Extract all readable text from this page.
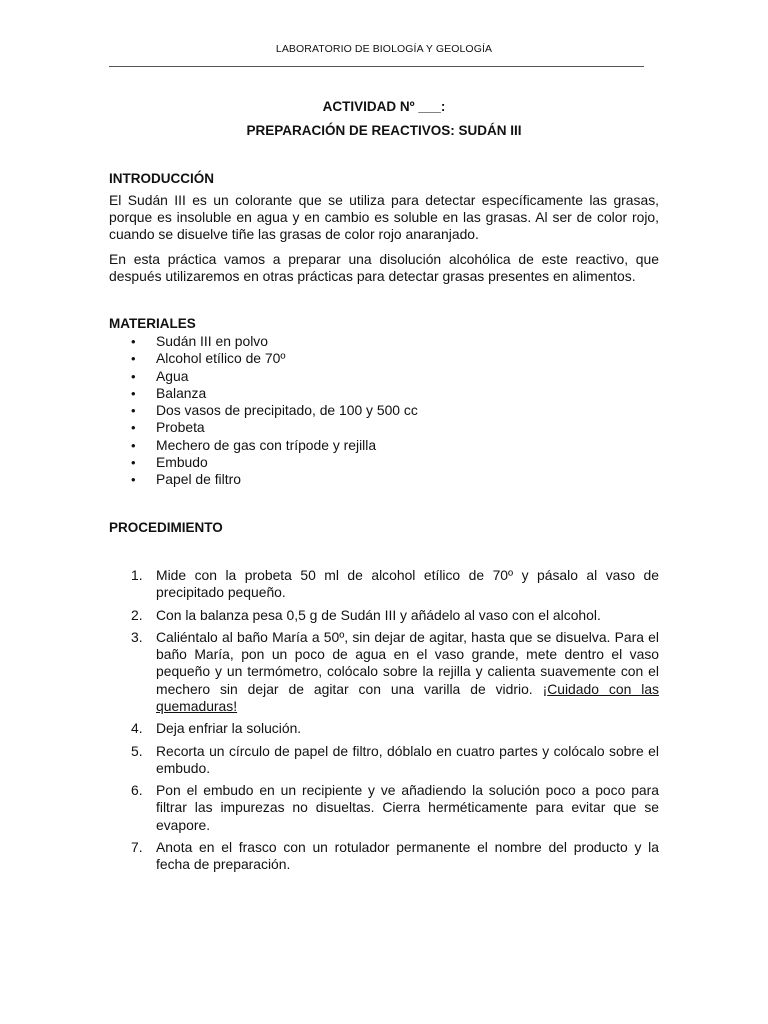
LABORATORIO DE BIOLOGÍA Y GEOLOGÍA
ACTIVIDAD Nº ___:
PREPARACIÓN DE REACTIVOS: SUDÁN III
INTRODUCCIÓN

El Sudán III es un colorante que se utiliza para detectar específicamente las grasas, porque es insoluble en agua y en cambio es soluble en las grasas. Al ser de color rojo, cuando se disuelve tiñe las grasas de color rojo anaranjado.

En esta práctica vamos a preparar una disolución alcohólica de este reactivo, que después utilizaremos en otras prácticas para detectar grasas presentes en alimentos.

MATERIALES
• Sudán III en polvo
• Alcohol etílico de 70º
• Agua
• Balanza
• Dos vasos de precipitado, de 100 y 500 cc
• Probeta
• Mechero de gas con trípode y rejilla
• Embudo
• Papel de filtro
PROCEDIMIENTO
1. Mide con la probeta 50 ml de alcohol etílico de 70º y pásalo al vaso de precipitado pequeño.
2. Con la balanza pesa 0,5 g de Sudán III y añádelo al vaso con el alcohol.
3. Caliéntalo al baño María a 50º, sin dejar de agitar, hasta que se disuelva. Para el baño María, pon un poco de agua en el vaso grande, mete dentro el vaso pequeño y un termómetro, colócalo sobre la rejilla y calienta suavemente con el mechero sin dejar de agitar con una varilla de vidrio. ¡Cuidado con las quemaduras!
4. Deja enfriar la solución.
5. Recorta un círculo de papel de filtro, dóblalo en cuatro partes y colócalo sobre el embudo.
6. Pon el embudo en un recipiente y ve añadiendo la solución poco a poco para filtrar las impurezas no disueltas. Cierra herméticamente para evitar que se evapore.
7. Anota en el frasco con un rotulador permanente el nombre del producto y la fecha de preparación.
